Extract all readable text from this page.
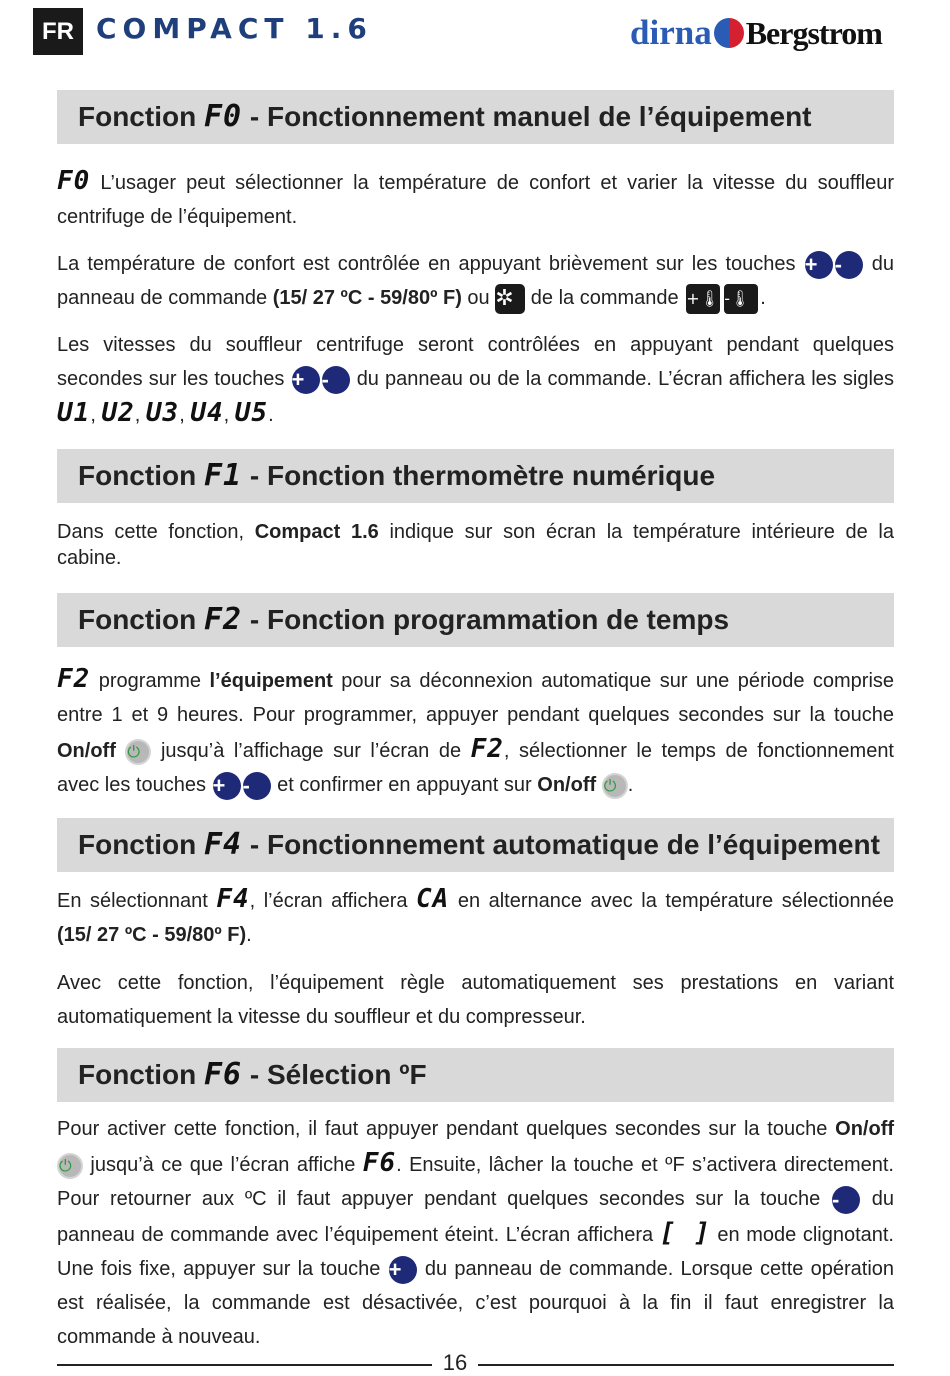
FR COMPACT 1.6	dirna Bergstrom
Fonction F0 - Fonctionnement manuel de l’équipement
F0 L’usager peut sélectionner la température de confort et varier la vitesse du souffleur centrifuge de l’équipement.
La température de confort est contrôlée en appuyant brièvement sur les touches + - du panneau de commande (15/ 27 ºC - 59/80º F) ou ✲ de la commande +🌡 -🌡 .
Les vitesses du souffleur centrifuge seront contrôlées en appuyant pendant quelques secondes sur les touches + - du panneau ou de la commande. L’écran affichera les sigles U1, U2, U3, U4, U5.
Fonction F1 - Fonction thermomètre numérique
Dans cette fonction, Compact 1.6 indique sur son écran la température intérieure de la cabine.
Fonction F2 - Fonction programmation de temps
F2 programme l’équipement pour sa déconnexion automatique sur une période comprise entre 1 et 9 heures. Pour programmer, appuyer pendant quelques secondes sur la touche On/off ⏻ jusqu’à l’affichage sur l’écran de F2, sélectionner le temps de fonctionnement avec les touches + - et confirmer en appuyant sur On/off ⏻ .
Fonction F4 - Fonctionnement automatique de l’équipement
En sélectionnant F4, l’écran affichera CA en alternance avec la température sélectionnée (15/ 27 ºC - 59/80º F).
Avec cette fonction, l’équipement règle automatiquement ses prestations en variant automatiquement la vitesse du souffleur et du compresseur.
Fonction F6 - Sélection ºF
Pour activer cette fonction, il faut appuyer pendant quelques secondes sur la touche On/off ⏻ jusqu’à ce que l’écran affiche F6. Ensuite, lâcher la touche et ºF s’activera directement. Pour retourner aux ºC il faut appuyer pendant quelques secondes sur la touche - du panneau de commande avec l’équipement éteint. L’écran affichera [ ] en mode clignotant. Une fois fixe, appuyer sur la touche + du panneau de commande. Lorsque cette opération est réalisée, la commande est désactivée, c’est pourquoi à la fin il faut enregistrer la commande à nouveau.
16
